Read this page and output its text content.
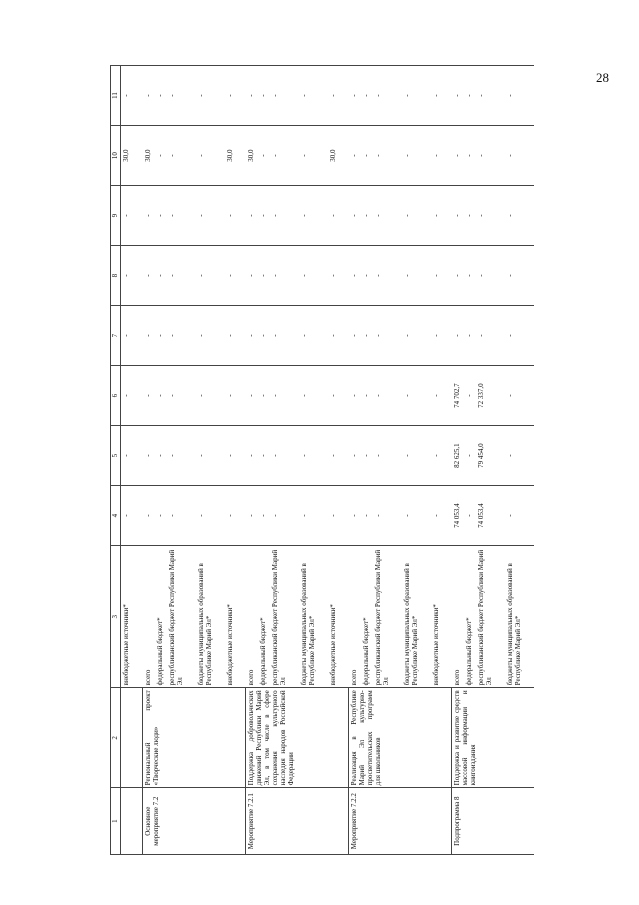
28
1	2	3	4	5	6	7	8	9	10	11
		внебюджетные источники*	-	-	-	-	-	-	30,0	-
Основное мероприятие 7.2	Региональный проект «Творческие люди»	всего	-	-	-	-	-	-	30,0	-
		федеральный бюджет*	-	-	-	-	-	-	-	-
		республиканский бюджет Республики Марий Эл	-	-	-	-	-	-	-	-
		бюджеты муниципальных образований в Республике Марий Эл*	-	-	-	-	-	-	-	-
		внебюджетные источники*	-	-	-	-	-	-	30,0	-
Мероприятие 7.2.1	Поддержка добровольческих движений Республики Марий Эл, в том числе в сфере сохранения культурного наследия народов Российской Федерации	всего	-	-	-	-	-	-	30,0	-
		федеральный бюджет*	-	-	-	-	-	-	-	-
		республиканский бюджет Республики Марий Эл	-	-	-	-	-	-	-	-
		бюджеты муниципальных образований в Республике Марий Эл*	-	-	-	-	-	-	-	-
		внебюджетные источники*	-	-	-	-	-	-	30,0	-
Мероприятие 7.2.2	Реализация в Республике Марий Эл культурно-просветительских программ для школьников	всего	-	-	-	-	-	-	-	-
		федеральный бюджет*	-	-	-	-	-	-	-	-
		республиканский бюджет Республики Марий Эл	-	-	-	-	-	-	-	-
		бюджеты муниципальных образований в Республике Марий Эл*	-	-	-	-	-	-	-	-
		внебюджетные источники*	-	-	-	-	-	-	-	-
Подпрограмма 8	Поддержка и развитие средств массовой информации и книгоиздания	всего	74 053,4	82 625,1	74 702,7	-	-	-	-	-
		федеральный бюджет*	-	-	-	-	-	-	-	-
		республиканский бюджет Республики Марий Эл	74 053,4	79 454,0	72 337,0	-	-	-	-	-
		бюджеты муниципальных образований в Республике Марий Эл*	-	-	-	-	-	-	-	-
